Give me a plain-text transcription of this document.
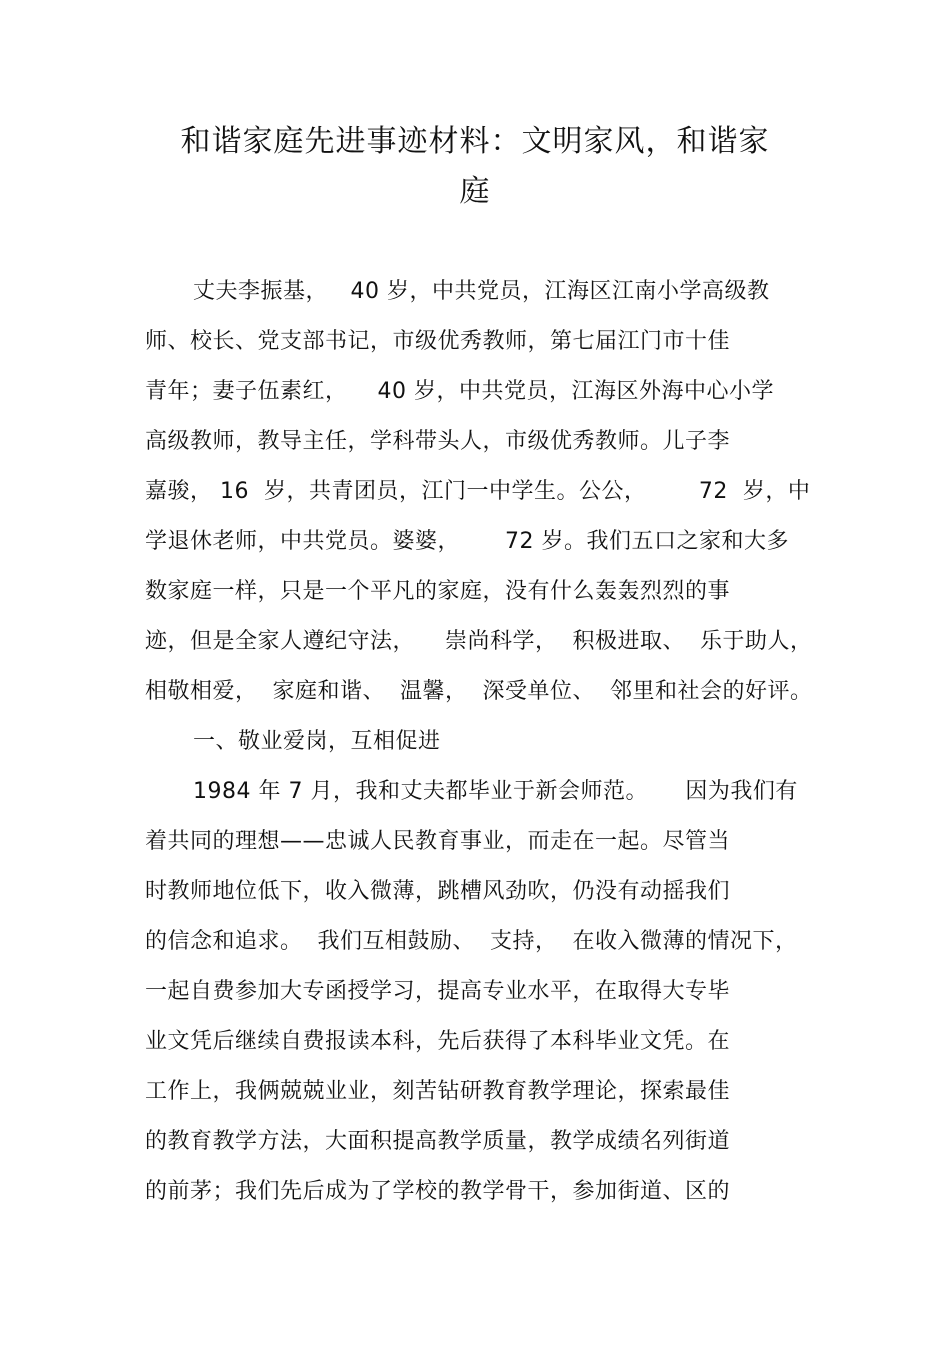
和谐家庭先进事迹材料：文明家风，和谐家
庭
丈夫李振基，   40 岁，中共党员，江海区江南小学高级教
师、校长、党支部书记，市级优秀教师，第七届江门市十佳
青年；妻子伍素红，    40 岁，中共党员，江海区外海中心小学
高级教师，教导主任，学科带头人，市级优秀教师。儿子李
嘉骏， 16  岁，共青团员，江门一中学生。公公，       72  岁，中
学退休老师，中共党员。婆婆，      72 岁。我们五口之家和大多
数家庭一样，只是一个平凡的家庭，没有什么轰轰烈烈的事
迹，但是全家人遵纪守法，    崇尚科学，  积极进取、  乐于助人，
相敬相爱，  家庭和谐、  温馨，  深受单位、  邻里和社会的好评。
一、敬业爱岗，互相促进
1984 年 7 月，我和丈夫都毕业于新会师范。     因为我们有
着共同的理想——忠诚人民教育事业，而走在一起。尽管当
时教师地位低下，收入微薄，跳槽风劲吹，仍没有动摇我们
的信念和追求。  我们互相鼓励、  支持，  在收入微薄的情况下，
一起自费参加大专函授学习，提高专业水平，在取得大专毕
业文凭后继续自费报读本科，先后获得了本科毕业文凭。在
工作上，我俩兢兢业业，刻苦钻研教育教学理论，探索最佳
的教育教学方法，大面积提高教学质量，教学成绩名列街道
的前茅；我们先后成为了学校的教学骨干，参加街道、区的
